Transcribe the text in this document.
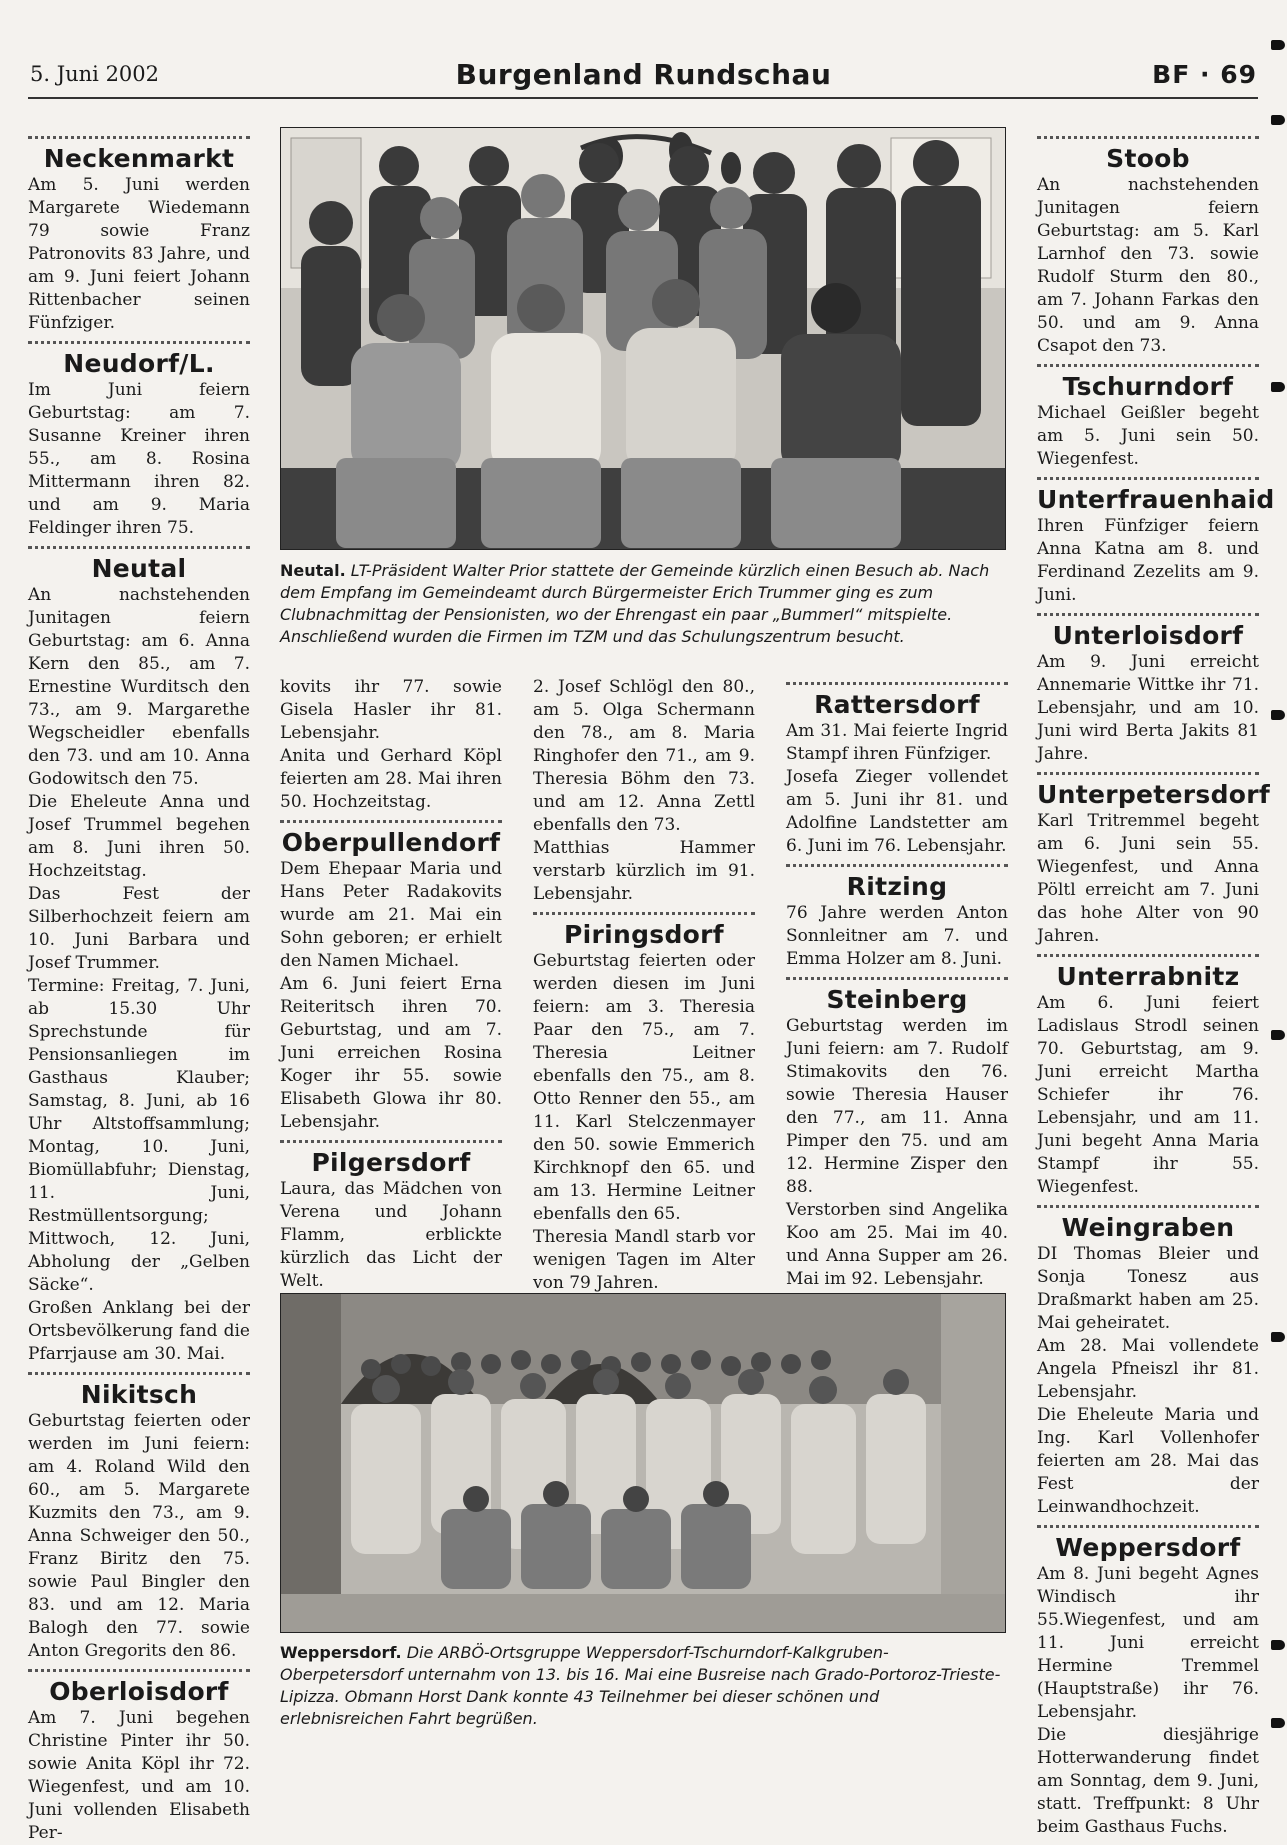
5. Juni 2002	Burgenland Rundschau	BF · 69
Neckenmarkt

Am 5. Juni werden Margarete Wiedemann 79 sowie Franz Patronovits 83 Jahre, und am 9. Juni feiert Johann Rittenbacher seinen Fünfziger.

Neudorf/L.

Im Juni feiern Geburtstag: am 7. Susanne Kreiner ihren 55., am 8. Rosina Mittermann ihren 82. und am 9. Maria Feldinger ihren 75.

Neutal

An nachstehenden Junitagen feiern Geburtstag: am 6. Anna Kern den 85., am 7. Ernestine Wurditsch den 73., am 9. Margarethe Wegscheidler ebenfalls den 73. und am 10. Anna Godowitsch den 75.

Die Eheleute Anna und Josef Trummel begehen am 8. Juni ihren 50. Hochzeitstag.

Das Fest der Silberhochzeit feiern am 10. Juni Barbara und Josef Trummer.

Termine: Freitag, 7. Juni, ab 15.30 Uhr Sprechstunde für Pensionsanliegen im Gasthaus Klauber; Samstag, 8. Juni, ab 16 Uhr Altstoffsammlung; Montag, 10. Juni, Biomüllabfuhr; Dienstag, 11. Juni, Restmüllentsorgung; Mittwoch, 12. Juni, Abholung der „Gelben Säcke“.

Großen Anklang bei der Ortsbevölkerung fand die Pfarrjause am 30. Mai.

Nikitsch

Geburtstag feierten oder werden im Juni feiern: am 4. Roland Wild den 60., am 5. Margarete Kuzmits den 73., am 9. Anna Schweiger den 50., Franz Biritz den 75. sowie Paul Bingler den 83. und am 12. Maria Balogh den 77. sowie Anton Gregorits den 86.

Oberloisdorf

Am 7. Juni begehen Christine Pinter ihr 50. sowie Anita Köpl ihr 72. Wiegenfest, und am 10. Juni vollenden Elisabeth Per-

kovits ihr 77. sowie Gisela Hasler ihr 81. Lebensjahr.

Anita und Gerhard Köpl feierten am 28. Mai ihren 50. Hochzeitstag.

Oberpullendorf

Dem Ehepaar Maria und Hans Peter Radakovits wurde am 21. Mai ein Sohn geboren; er erhielt den Namen Michael.

Am 6. Juni feiert Erna Reiteritsch ihren 70. Geburtstag, und am 7. Juni erreichen Rosina Koger ihr 55. sowie Elisabeth Glowa ihr 80. Lebensjahr.

Pilgersdorf

Laura, das Mädchen von Verena und Johann Flamm, erblickte kürzlich das Licht der Welt.

2. Josef Schlögl den 80., am 5. Olga Schermann den 78., am 8. Maria Ringhofer den 71., am 9. Theresia Böhm den 73. und am 12. Anna Zettl ebenfalls den 73.

Matthias Hammer verstarb kürzlich im 91. Lebensjahr.

Piringsdorf

Geburtstag feierten oder werden diesen im Juni feiern: am 3. Theresia Paar den 75., am 7. Theresia Leitner ebenfalls den 75., am 8. Otto Renner den 55., am 11. Karl Stelczenmayer den 50. sowie Emmerich Kirchknopf den 65. und am 13. Hermine Leitner ebenfalls den 65.

Theresia Mandl starb vor wenigen Tagen im Alter von 79 Jahren.

Rattersdorf

Am 31. Mai feierte Ingrid Stampf ihren Fünfziger.

Josefa Zieger vollendet am 5. Juni ihr 81. und Adolfine Landstetter am 6. Juni im 76. Lebensjahr.

Ritzing

76 Jahre werden Anton Sonnleitner am 7. und Emma Holzer am 8. Juni.

Steinberg

Geburtstag werden im Juni feiern: am 7. Rudolf Stimakovits den 76. sowie Theresia Hauser den 77., am 11. Anna Pimper den 75. und am 12. Hermine Zisper den 88.

Verstorben sind Angelika Koo am 25. Mai im 40. und Anna Supper am 26. Mai im 92. Lebensjahr.

Stoob

An nachstehenden Junitagen feiern Geburtstag: am 5. Karl Larnhof den 73. sowie Rudolf Sturm den 80., am 7. Johann Farkas den 50. und am 9. Anna Csapot den 73.

Tschurndorf

Michael Geißler begeht am 5. Juni sein 50. Wiegenfest.

Unterfrauenhaid

Ihren Fünfziger feiern Anna Katna am 8. und Ferdinand Zezelits am 9. Juni.

Unterloisdorf

Am 9. Juni erreicht Annemarie Wittke ihr 71. Lebensjahr, und am 10. Juni wird Berta Jakits 81 Jahre.

Unterpetersdorf

Karl Tritremmel begeht am 6. Juni sein 55. Wiegenfest, und Anna Pöltl erreicht am 7. Juni das hohe Alter von 90 Jahren.

Unterrabnitz

Am 6. Juni feiert Ladislaus Strodl seinen 70. Geburtstag, am 9. Juni erreicht Martha Schiefer ihr 76. Lebensjahr, und am 11. Juni begeht Anna Maria Stampf ihr 55. Wiegenfest.

Weingraben

DI Thomas Bleier und Sonja Tonesz aus Draßmarkt haben am 25. Mai geheiratet.

Am 28. Mai vollendete Angela Pfneiszl ihr 81. Lebensjahr.

Die Eheleute Maria und Ing. Karl Vollenhofer feierten am 28. Mai das Fest der Leinwandhochzeit.

Weppersdorf

Am 8. Juni begeht Agnes Windisch ihr 55.Wiegenfest, und am 11. Juni erreicht Hermine Tremmel (Hauptstraße) ihr 76. Lebensjahr.

Die diesjährige Hotterwanderung findet am Sonntag, dem 9. Juni, statt. Treffpunkt: 8 Uhr beim Gasthaus Fuchs.

Neutal. LT-Präsident Walter Prior stattete der Gemeinde kürzlich einen Besuch ab. Nach dem Empfang im Gemeindeamt durch Bürgermeister Erich Trummer ging es zum Clubnachmittag der Pensionisten, wo der Ehrengast ein paar „Bummerl“ mitspielte. Anschließend wurden die Firmen im TZM und das Schulungszentrum besucht.
Weppersdorf. Die ARBÖ-Ortsgruppe Weppersdorf-Tschurndorf-Kalkgruben-Oberpetersdorf unternahm von 13. bis 16. Mai eine Busreise nach Grado-Portoroz-Trieste-Lipizza. Obmann Horst Dank konnte 43 Teilnehmer bei dieser schönen und erlebnisreichen Fahrt begrüßen.
